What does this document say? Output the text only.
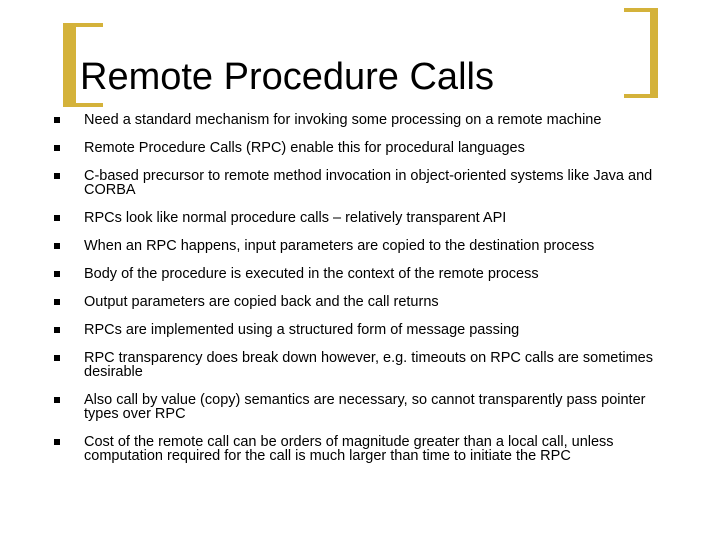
Remote Procedure Calls
Need a standard mechanism for invoking some processing on a remote machine
Remote Procedure Calls (RPC) enable this for procedural languages
C-based precursor to remote method invocation in object-oriented systems like Java and CORBA
RPCs look like normal procedure calls – relatively transparent API
When an RPC happens, input parameters are copied to the destination process
Body of the procedure is executed in the context of the remote process
Output parameters are copied back and the call returns
RPCs are implemented using a structured form of message passing
RPC transparency does break down however, e.g. timeouts on RPC calls are sometimes desirable
Also call by value (copy) semantics are necessary, so cannot transparently pass pointer types over RPC
Cost of the remote call can be orders of magnitude greater than a local call, unless computation required for the call is much larger than time to initiate the RPC
